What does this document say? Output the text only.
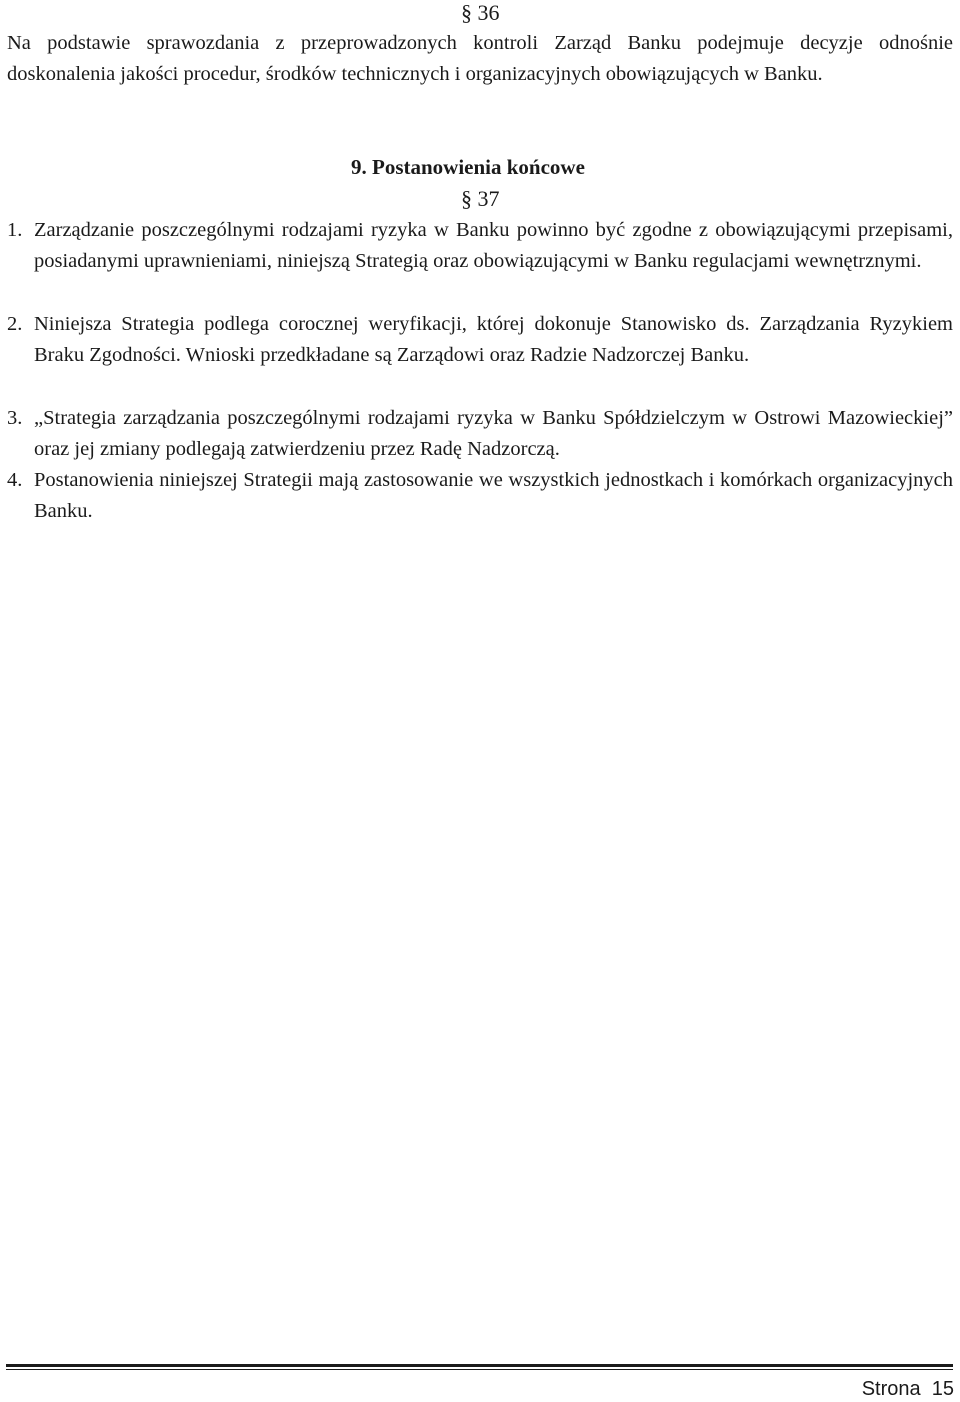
§ 36
Na podstawie sprawozdania z przeprowadzonych kontroli Zarząd Banku podejmuje decyzje odnośnie doskonalenia jakości procedur, środków technicznych i organizacyjnych obowiązujących w Banku.
9. Postanowienia końcowe
§ 37
1. Zarządzanie poszczególnymi rodzajami ryzyka w Banku powinno być zgodne z obowiązującymi przepisami, posiadanymi uprawnieniami, niniejszą Strategią oraz obowiązującymi w Banku regulacjami wewnętrznymi.
2. Niniejsza Strategia podlega corocznej weryfikacji, której dokonuje Stanowisko ds. Zarządzania Ryzykiem Braku Zgodności. Wnioski przedkładane są Zarządowi oraz Radzie Nadzorczej Banku.
3. „Strategia zarządzania poszczególnymi rodzajami ryzyka w Banku Spółdzielczym w Ostrowi Mazowieckiej” oraz jej zmiany podlegają zatwierdzeniu przez Radę Nadzorczą.
4. Postanowienia niniejszej Strategii mają zastosowanie we wszystkich jednostkach i komórkach organizacyjnych Banku.
Strona  15
